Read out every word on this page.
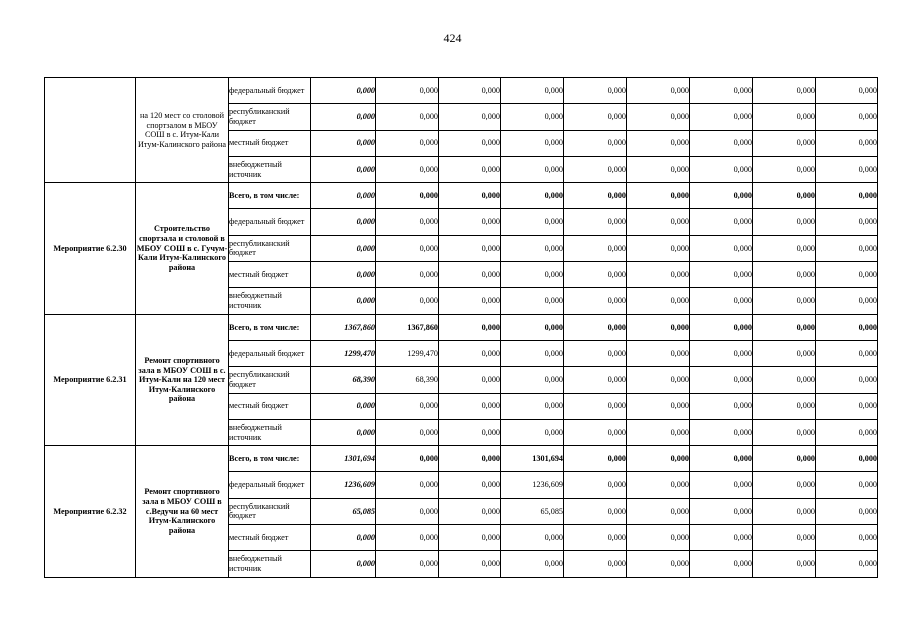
424
	на 120 мест со столовой спортзалом в МБОУ СОШ в с. Итум-Кали Итум-Калинского района	федеральный бюджет	0,000	0,000	0,000	0,000	0,000	0,000	0,000	0,000	0,000
		республиканский бюджет	0,000	0,000	0,000	0,000	0,000	0,000	0,000	0,000	0,000
		местный бюджет	0,000	0,000	0,000	0,000	0,000	0,000	0,000	0,000	0,000
		внебюджетный источник	0,000	0,000	0,000	0,000	0,000	0,000	0,000	0,000	0,000
Мероприятие 6.2.30	Строительство спортзала и столовой в МБОУ СОШ в с. Гучум-Кали Итум-Калинского района	Всего, в том числе:	0,000	0,000	0,000	0,000	0,000	0,000	0,000	0,000	0,000
		федеральный бюджет	0,000	0,000	0,000	0,000	0,000	0,000	0,000	0,000	0,000
		республиканский бюджет	0,000	0,000	0,000	0,000	0,000	0,000	0,000	0,000	0,000
		местный бюджет	0,000	0,000	0,000	0,000	0,000	0,000	0,000	0,000	0,000
		внебюджетный источник	0,000	0,000	0,000	0,000	0,000	0,000	0,000	0,000	0,000
Мероприятие 6.2.31	Ремонт спортивного зала в МБОУ СОШ в с. Итум-Кали на 120 мест Итум-Калинского района	Всего, в том числе:	1367,860	1367,860	0,000	0,000	0,000	0,000	0,000	0,000	0,000
		федеральный бюджет	1299,470	1299,470	0,000	0,000	0,000	0,000	0,000	0,000	0,000
		республиканский бюджет	68,390	68,390	0,000	0,000	0,000	0,000	0,000	0,000	0,000
		местный бюджет	0,000	0,000	0,000	0,000	0,000	0,000	0,000	0,000	0,000
		внебюджетный источник	0,000	0,000	0,000	0,000	0,000	0,000	0,000	0,000	0,000
Мероприятие 6.2.32	Ремонт спортивного зала в МБОУ СОШ в с.Ведучи на 60 мест Итум-Калинского района	Всего, в том числе:	1301,694	0,000	0,000	1301,694	0,000	0,000	0,000	0,000	0,000
		федеральный бюджет	1236,609	0,000	0,000	1236,609	0,000	0,000	0,000	0,000	0,000
		республиканский бюджет	65,085	0,000	0,000	65,085	0,000	0,000	0,000	0,000	0,000
		местный бюджет	0,000	0,000	0,000	0,000	0,000	0,000	0,000	0,000	0,000
		внебюджетный источник	0,000	0,000	0,000	0,000	0,000	0,000	0,000	0,000	0,000
